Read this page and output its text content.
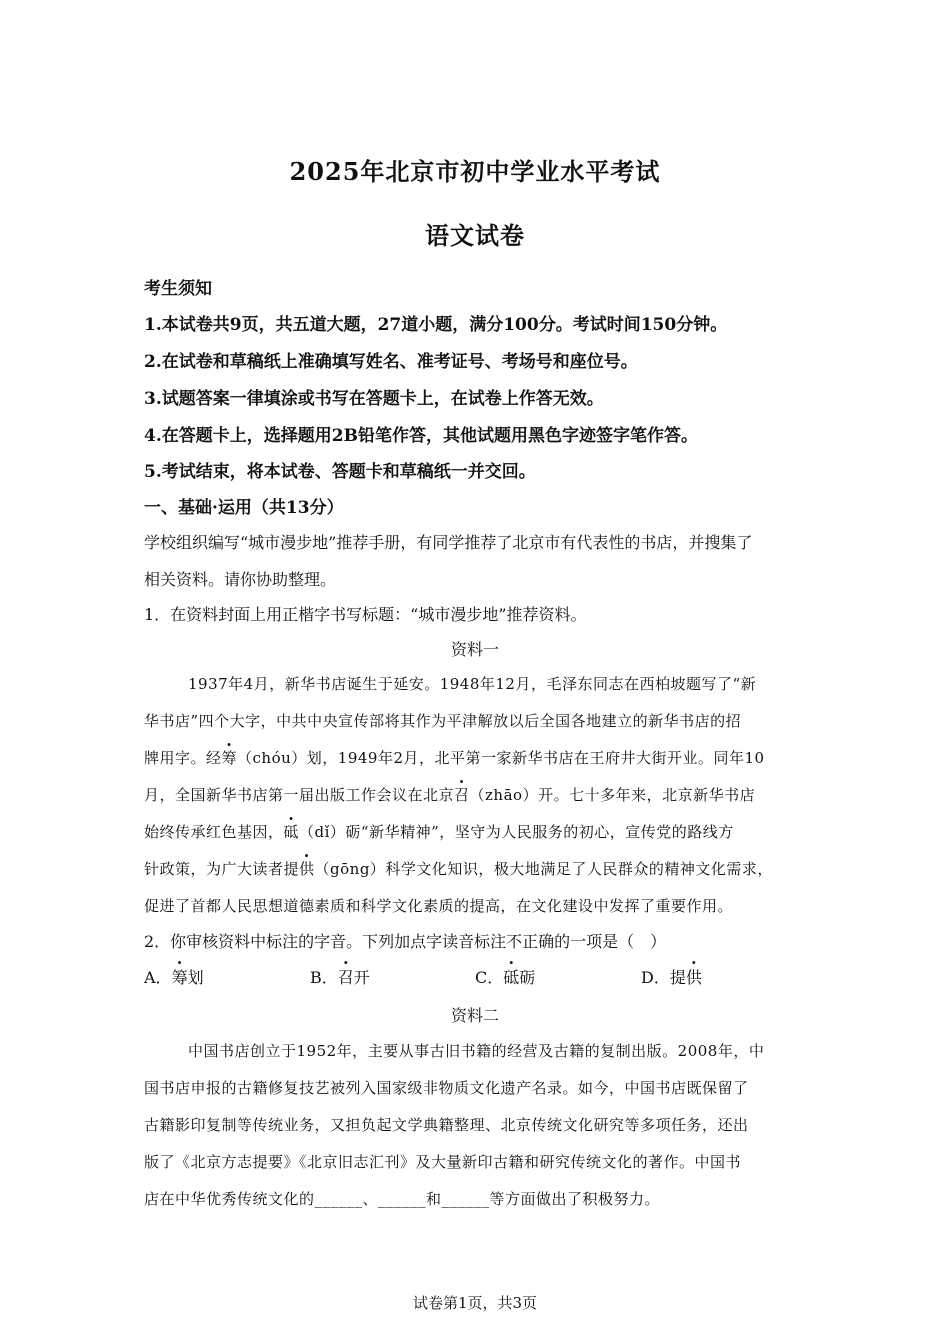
2025年北京市初中学业水平考试
语文试卷
考生须知
1.本试卷共9页，共五道大题，27道小题，满分100分。考试时间150分钟。
2.在试卷和草稿纸上准确填写姓名、准考证号、考场号和座位号。
3.试题答案一律填涂或书写在答题卡上，在试卷上作答无效。
4.在答题卡上，选择题用2B铅笔作答，其他试题用黑色字迹签字笔作答。
5.考试结束，将本试卷、答题卡和草稿纸一并交回。
一、基础·运用（共13分）
学校组织编写“城市漫步地”推荐手册，有同学推荐了北京市有代表性的书店，并搜集了
相关资料。请你协助整理。
1．在资料封面上用正楷字书写标题：“城市漫步地”推荐资料。
资料一
1937年4月，新华书店诞生于延安。1948年12月，毛泽东同志在西柏坡题写了“新
华书店”四个大字，中共中央宣传部将其作为平津解放以后全国各地建立的新华书店的招
牌用字。经筹（chóu）划，1949年2月，北平第一家新华书店在王府井大街开业。同年10
月，全国新华书店第一届出版工作会议在北京召（zhāo）开。七十多年来，北京新华书店
始终传承红色基因，砥（dǐ）砺“新华精神”，坚守为人民服务的初心，宣传党的路线方
针政策，为广大读者提供（gōng）科学文化知识，极大地满足了人民群众的精神文化需求，
促进了首都人民思想道德素质和科学文化素质的提高，在文化建设中发挥了重要作用。
2．你审核资料中标注的字音。下列加点字读音标注不正确的一项是（　）
A．筹划	B．召开	C．砥砺	D．提供
资料二
中国书店创立于1952年，主要从事古旧书籍的经营及古籍的复制出版。2008年，中
国书店申报的古籍修复技艺被列入国家级非物质文化遗产名录。如今，中国书店既保留了
古籍影印复制等传统业务，又担负起文学典籍整理、北京传统文化研究等多项任务，还出
版了《北京方志提要》《北京旧志汇刊》及大量新印古籍和研究传统文化的著作。中国书
店在中华优秀传统文化的______、______和______等方面做出了积极努力。
试卷第1页，共3页
